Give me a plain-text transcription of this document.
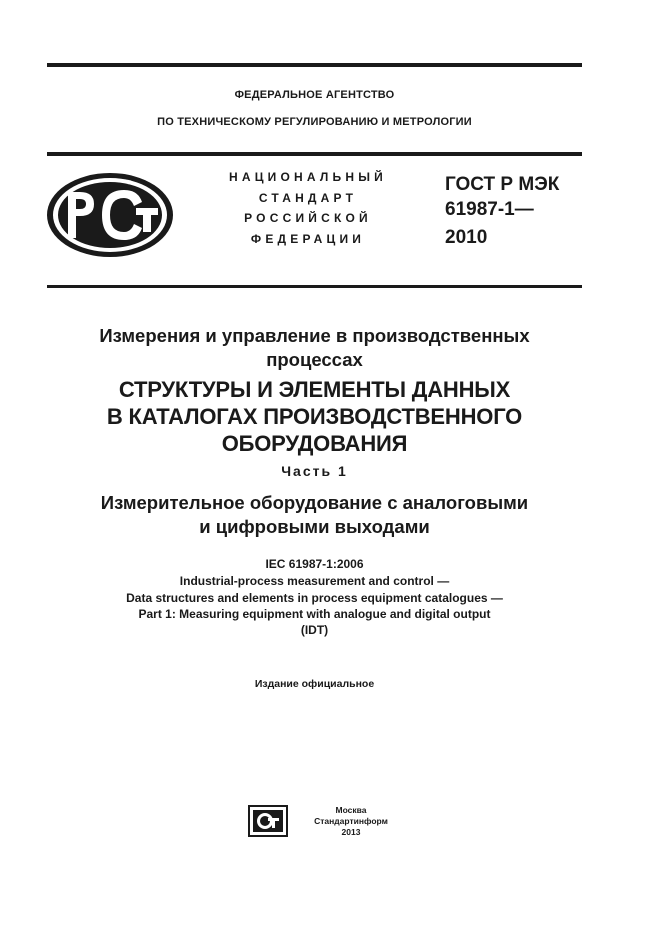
ФЕДЕРАЛЬНОЕ АГЕНТСТВО
ПО ТЕХНИЧЕСКОМУ РЕГУЛИРОВАНИЮ И МЕТРОЛОГИИ
НАЦИОНАЛЬНЫЙ
СТАНДАРТ
РОССИЙСКОЙ
ФЕДЕРАЦИИ
ГОСТ Р МЭК
61987-1—
2010
Измерения и управление в производственных
процессах
СТРУКТУРЫ И ЭЛЕМЕНТЫ ДАННЫХ
В КАТАЛОГАХ ПРОИЗВОДСТВЕННОГО
ОБОРУДОВАНИЯ
Часть 1
Измерительное оборудование с аналоговыми
и цифровыми выходами
IEC 61987-1:2006
Industrial-process measurement and control —
Data structures and elements in process equipment catalogues —
Part 1: Measuring equipment with analogue and digital output
(IDT)
Издание официальное
Москва
Стандартинформ
2013
